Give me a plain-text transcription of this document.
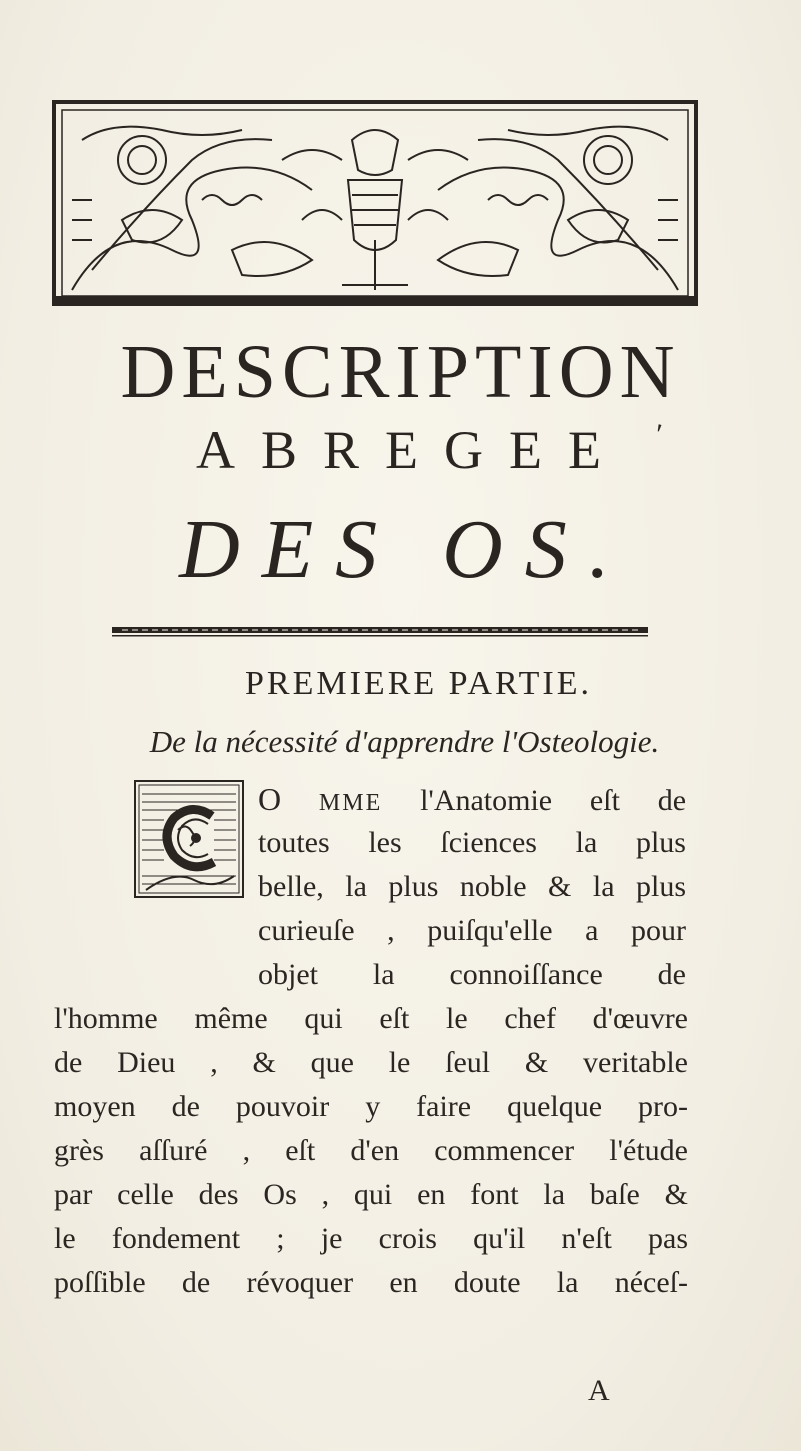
DESCRIPTION
ABREGEE '
DES OS.
PREMIERE PARTIE.
De la nécessité d'apprendre l'Osteologie.
O MME l'Anatomie eſt de
toutes les ſciences la plus
belle, la plus noble & la plus
curieuſe , puiſqu'elle a pour
objet la connoiſſance de
l'homme même qui eſt le chef d'œuvre
de Dieu , & que le ſeul & veritable
moyen de pouvoir y faire quelque pro-
grès aſſuré , eſt d'en commencer l'étude
par celle des Os , qui en font la baſe &
le fondement ; je crois qu'il n'eſt pas
poſſible de révoquer en doute la néceſ-
A
